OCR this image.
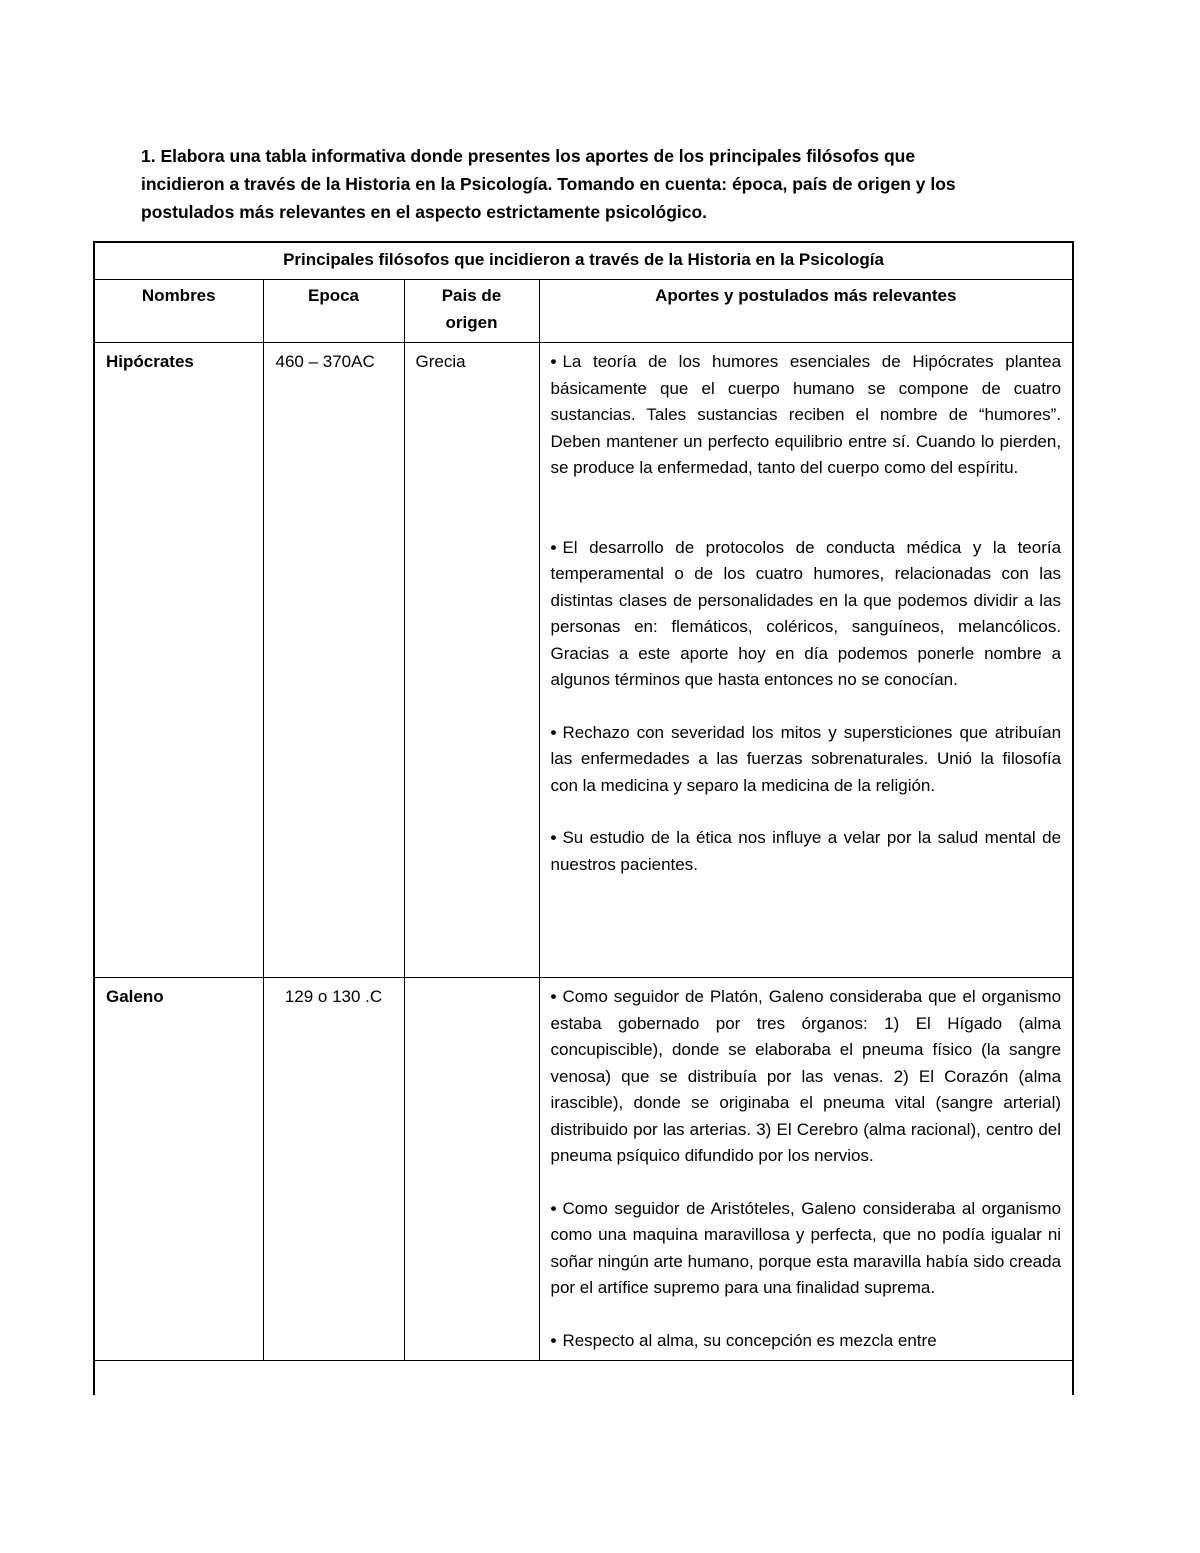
1. Elabora una tabla informativa donde presentes los aportes de los principales filósofos que incidieron a través de la Historia en la Psicología. Tomando en cuenta: época, país de origen y los postulados más relevantes en el aspecto estrictamente psicológico.

Principales filósofos que incidieron a través de la Historia en la Psicología			
Nombres	Epoca	Pais de origen	Aportes y postulados más relevantes
Hipócrates	460 – 370AC	Grecia	• La teoría de los humores esenciales de Hipócrates plantea básicamente que el cuerpo humano se compone de cuatro sustancias. Tales sustancias reciben el nombre de “humores”. Deben mantener un perfecto equilibrio entre sí. Cuando lo pierden, se produce la enfermedad, tanto del cuerpo como del espíritu.

• El desarrollo de protocolos de conducta médica y la teoría temperamental o de los cuatro humores, relacionadas con las distintas clases de personalidades en la que podemos dividir a las personas en: flemáticos, coléricos, sanguíneos, melancólicos. Gracias a este aporte hoy en día podemos ponerle nombre a algunos términos que hasta entonces no se conocían.

• Rechazo con severidad los mitos y supersticiones que atribuían las enfermedades a las fuerzas sobrenaturales. Unió la filosofía con la medicina y separo la medicina de la religión.

• Su estudio de la ética nos influye a velar por la salud mental de nuestros pacientes.

Galeno	129 o 130 .C		• Como seguidor de Platón, Galeno consideraba que el organismo estaba gobernado por tres órganos: 1) El Hígado (alma concupiscible), donde se elaboraba el pneuma físico (la sangre venosa) que se distribuía por las venas. 2) El Corazón (alma irascible), donde se originaba el pneuma vital (sangre arterial) distribuido por las arterias. 3) El Cerebro (alma racional), centro del pneuma psíquico difundido por los nervios.

• Como seguidor de Aristóteles, Galeno consideraba al organismo como una maquina maravillosa y perfecta, que no podía igualar ni soñar ningún arte humano, porque esta maravilla había sido creada por el artífice supremo para una finalidad suprema.

• Respecto al alma, su concepción es mezcla entre
